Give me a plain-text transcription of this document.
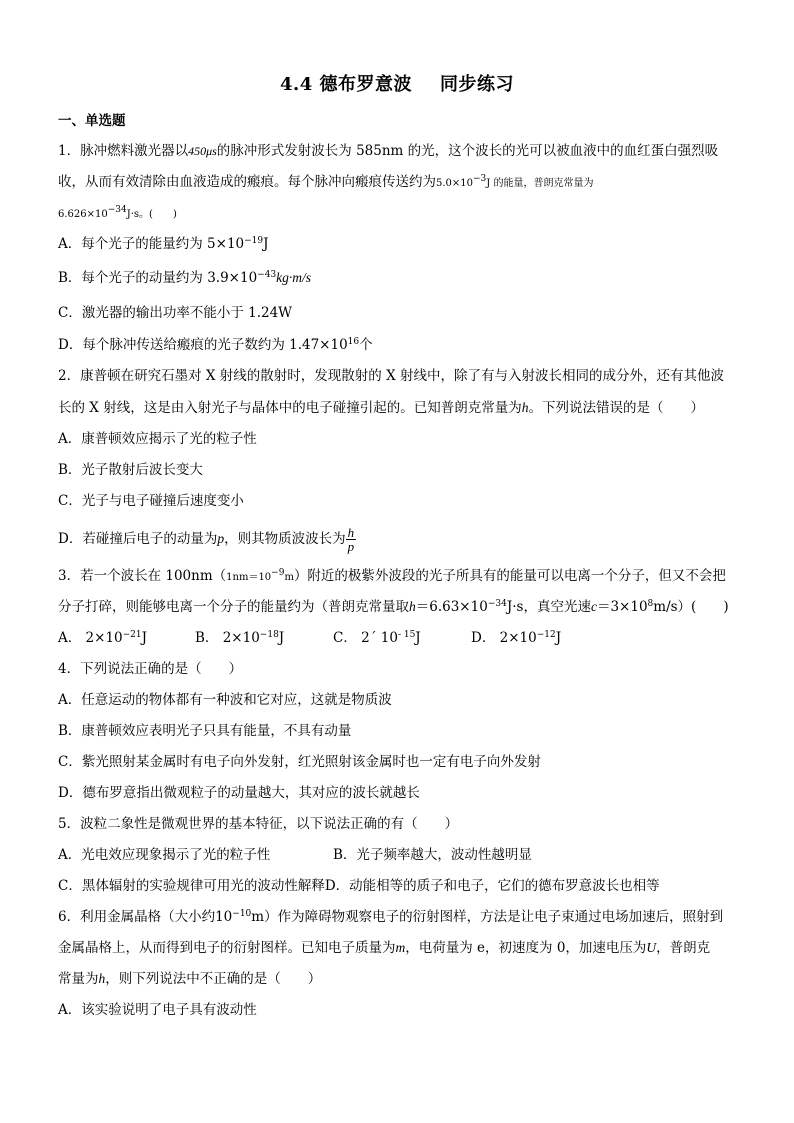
4.4 德布罗意波 同步练习
一、单选题
1．脉冲燃料激光器以450μs的脉冲形式发射波长为 585nm 的光，这个波长的光可以被血液中的血红蛋白强烈吸
收，从而有效清除由血液造成的瘢痕。每个脉冲向瘢痕传送约为$5.0\times 10^{-3}J$ 的能量，普朗克常量为
$6.626\times 10^{-34}J\cdot s$。(　　)
A．每个光子的能量约为 $5\times 10^{-19}J$
B．每个光子的动量约为 $3.9\times 10^{-43}kg\cdot m/s$
C．激光器的输出功率不能小于 1.24W
D．每个脉冲传送给瘢痕的光子数约为 $1.47\times 10^{16}$个
2．康普顿在研究石墨对 X 射线的散射时，发现散射的 X 射线中，除了有与入射波长相同的成分外，还有其他波
长的 X 射线，这是由入射光子与晶体中的电子碰撞引起的。已知普朗克常量为h。下列说法错误的是（　　）
A．康普顿效应揭示了光的粒子性
B．光子散射后波长变大
C．光子与电子碰撞后速度变小
D．若碰撞后电子的动量为p，则其物质波波长为 $\frac{h}{p}$
3．若一个波长在 $100nm(1nm=10^{-9}m)$附近的极紫外波段的光子所具有的能量可以电离一个分子，但又不会把
分子打碎，则能够电离一个分子的能量约为（普朗克常量取$h=6.63\times 10^{-34}J\cdot s$，真空光速$c=3\times 10^8m/s$）(　　)
A． $2\times 10^{-21}J$	B． $2\times 10^{-18}J$	C． 2´ $10^{- 15}J$	D． $2\times 10^{-12}J$
4．下列说法正确的是（　　）
A．任意运动的物体都有一种波和它对应，这就是物质波
B．康普顿效应表明光子只具有能量，不具有动量
C．紫光照射某金属时有电子向外发射，红光照射该金属时也一定有电子向外发射
D．德布罗意指出微观粒子的动量越大，其对应的波长就越长
5．波粒二象性是微观世界的基本特征，以下说法正确的有（　　）
A．光电效应现象揭示了光的粒子性	B．光子频率越大，波动性越明显
C．黑体辐射的实验规律可用光的波动性解释D．动能相等的质子和电子，它们的德布罗意波长也相等
6．利用金属晶格（大小约$10^{-10}m$）作为障碍物观察电子的衍射图样，方法是让电子束通过电场加速后，照射到
金属晶格上，从而得到电子的衍射图样。已知电子质量为m，电荷量为 e，初速度为 0，加速电压为U，普朗克
常量为h，则下列说法中不正确的是（　　）
A．该实验说明了电子具有波动性
